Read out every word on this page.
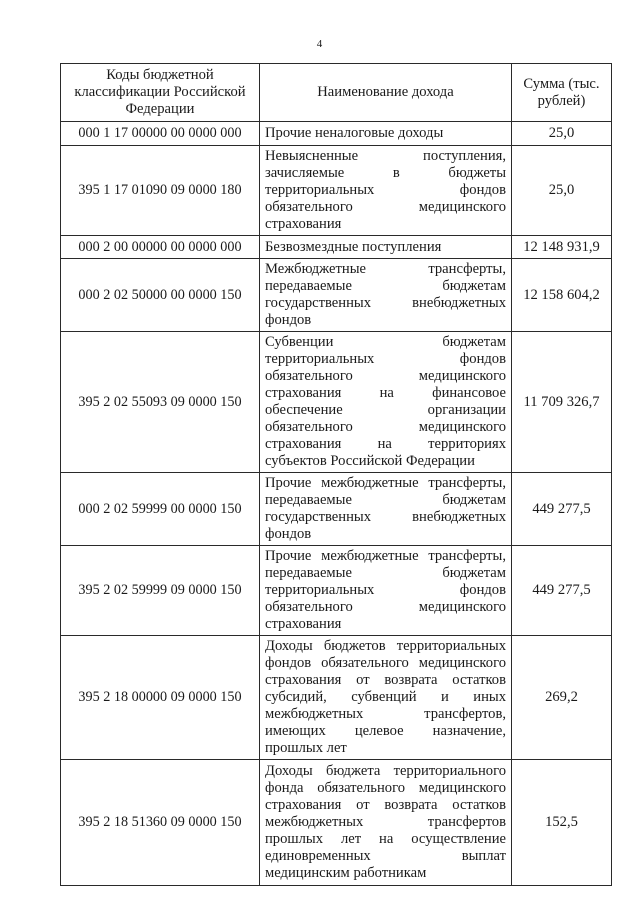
4
Коды бюджетной классификации Российской Федерации	Наименование дохода	Сумма (тыс. рублей)
000 1 17 00000 00 0000 000	Прочие неналоговые доходы	25,0
395 1 17 01090 09 0000 180	Невыясненные поступления, зачисляемые в бюджеты территориальных фондов обязательного медицинского страхования	25,0
000 2 00 00000 00 0000 000	Безвозмездные поступления	12 148 931,9
000 2 02 50000 00 0000 150	Межбюджетные трансферты, передаваемые бюджетам государственных внебюджетных фондов	12 158 604,2
395 2 02 55093 09 0000 150	Субвенции бюджетам территориальных фондов обязательного медицинского страхования на финансовое обеспечение организации обязательного медицинского страхования на территориях субъектов Российской Федерации	11 709 326,7
000 2 02 59999 00 0000 150	Прочие межбюджетные трансферты, передаваемые бюджетам государственных внебюджетных фондов	449 277,5
395 2 02 59999 09 0000 150	Прочие межбюджетные трансферты, передаваемые бюджетам территориальных фондов обязательного медицинского страхования	449 277,5
395 2 18 00000 09 0000 150	Доходы бюджетов территориальных фондов обязательного медицинского страхования от возврата остатков субсидий, субвенций и иных межбюджетных трансфертов, имеющих целевое назначение, прошлых лет	269,2
395 2 18 51360 09 0000 150	Доходы бюджета территориального фонда обязательного медицинского страхования от возврата остатков межбюджетных трансфертов прошлых лет на осуществление единовременных выплат медицинским работникам	152,5
